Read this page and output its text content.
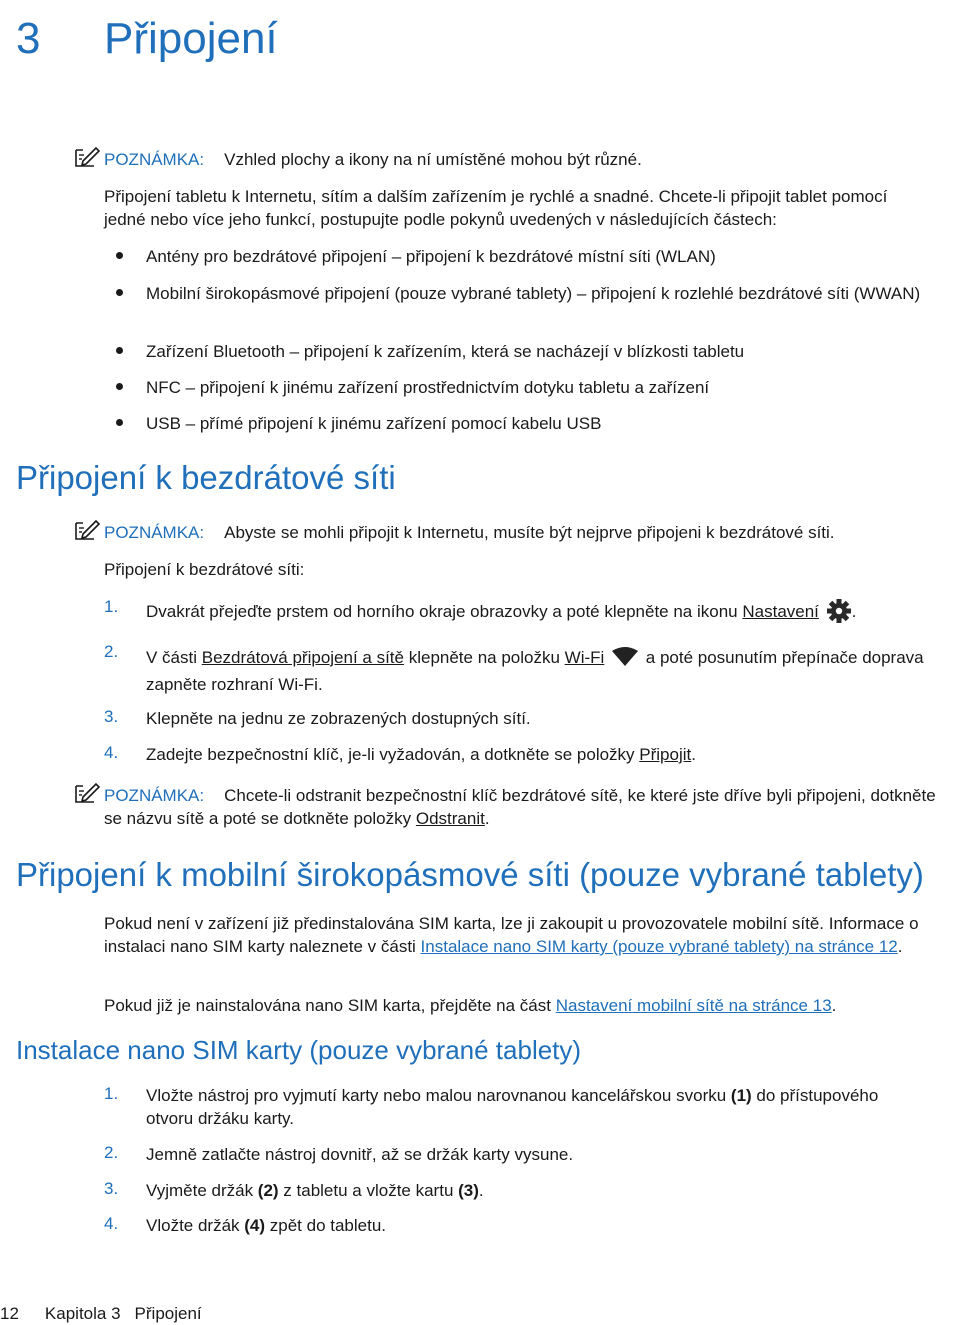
3 Připojení
POZNÁMKA: Vzhled plochy a ikony na ní umístěné mohou být různé.
Připojení tabletu k Internetu, sítím a dalším zařízením je rychlé a snadné. Chcete-li připojit tablet pomocí jedné nebo více jeho funkcí, postupujte podle pokynů uvedených v následujících částech:
Antény pro bezdrátové připojení – připojení k bezdrátové místní síti (WLAN)
Mobilní širokopásmové připojení (pouze vybrané tablety) – připojení k rozlehlé bezdrátové síti (WWAN)
Zařízení Bluetooth – připojení k zařízením, která se nacházejí v blízkosti tabletu
NFC – připojení k jinému zařízení prostřednictvím dotyku tabletu a zařízení
USB – přímé připojení k jinému zařízení pomocí kabelu USB
Připojení k bezdrátové síti
POZNÁMKA: Abyste se mohli připojit k Internetu, musíte být nejprve připojeni k bezdrátové síti.
Připojení k bezdrátové síti:
1. Dvakrát přejeďte prstem od horního okraje obrazovky a poté klepněte na ikonu Nastavení .
2. V části Bezdrátová připojení a sítě klepněte na položku Wi-Fi  a poté posunutím přepínače doprava zapněte rozhraní Wi-Fi.
3. Klepněte na jednu ze zobrazených dostupných sítí.
4. Zadejte bezpečnostní klíč, je-li vyžadován, a dotkněte se položky Připojit.
POZNÁMKA: Chcete-li odstranit bezpečnostní klíč bezdrátové sítě, ke které jste dříve byli připojeni, dotkněte se názvu sítě a poté se dotkněte položky Odstranit.
Připojení k mobilní širokopásmové síti (pouze vybrané tablety)
Pokud není v zařízení již předinstalována SIM karta, lze ji zakoupit u provozovatele mobilní sítě. Informace o instalaci nano SIM karty naleznete v části Instalace nano SIM karty (pouze vybrané tablety) na stránce 12.
Pokud již je nainstalována nano SIM karta, přejděte na část Nastavení mobilní sítě na stránce 13.
Instalace nano SIM karty (pouze vybrané tablety)
1. Vložte nástroj pro vyjmutí karty nebo malou narovnanou kancelářskou svorku (1) do přístupového otvoru držáku karty.
2. Jemně zatlačte nástroj dovnitř, až se držák karty vysune.
3. Vyjměte držák (2) z tabletu a vložte kartu (3).
4. Vložte držák (4) zpět do tabletu.
12 Kapitola 3 Připojení
